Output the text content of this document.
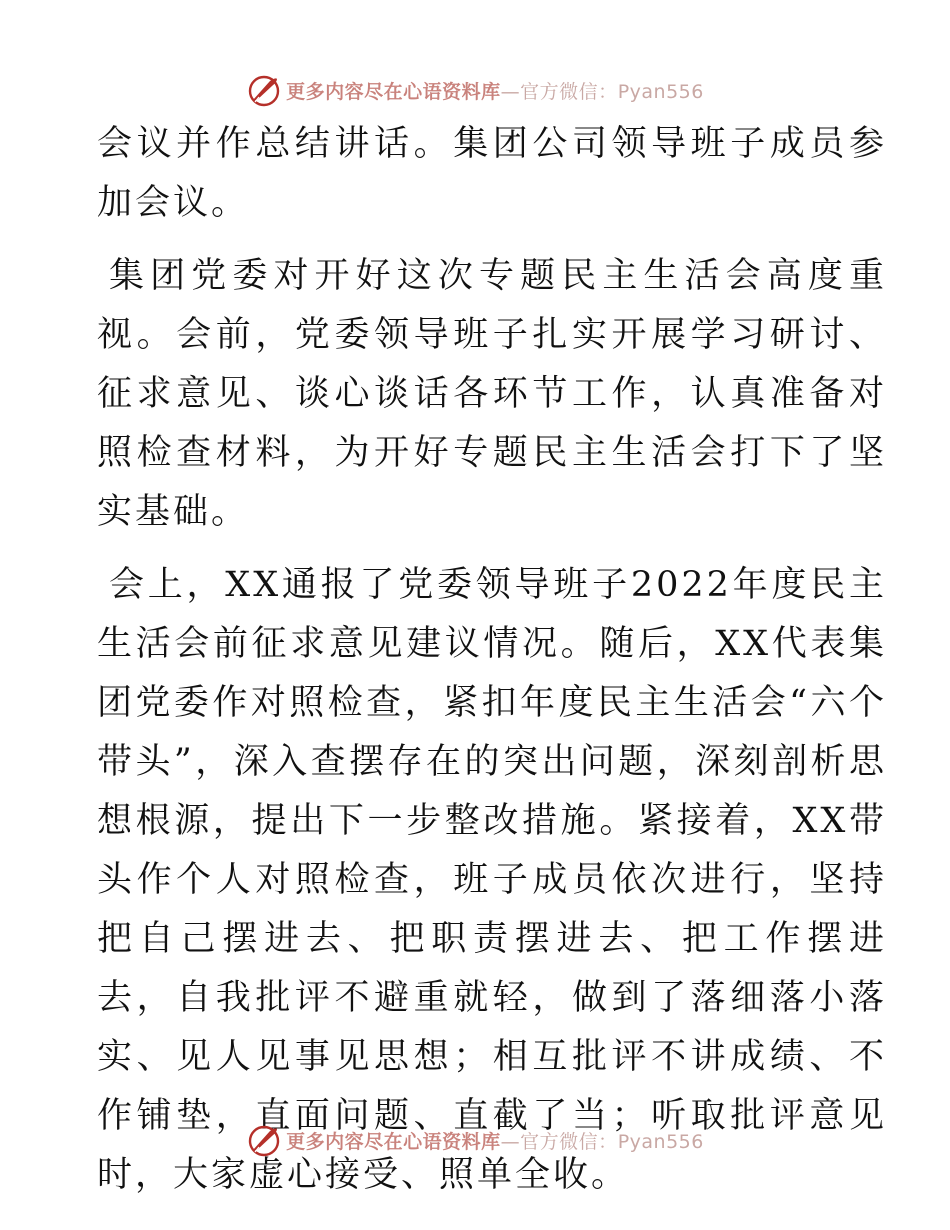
更多内容尽在心语资料库—官方微信：Pyan556

会议并作总结讲话。集团公司领导班子成员参加会议。

集团党委对开好这次专题民主生活会高度重视。会前，党委领导班子扎实开展学习研讨、征求意见、谈心谈话各环节工作，认真准备对照检查材料，为开好专题民主生活会打下了坚实基础。

会上，XX通报了党委领导班子2022年度民主生活会前征求意见建议情况。随后，XX代表集团党委作对照检查，紧扣年度民主生活会“六个带头”，深入查摆存在的突出问题，深刻剖析思想根源，提出下一步整改措施。紧接着，XX带头作个人对照检查，班子成员依次进行，坚持把自己摆进去、把职责摆进去、把工作摆进去，自我批评不避重就轻，做到了落细落小落实、见人见事见思想；相互批评不讲成绩、不作铺垫，直面问题、直截了当；听取批评意见时，大家虚心接受、照单全收。

更多内容尽在心语资料库—官方微信：Pyan556
